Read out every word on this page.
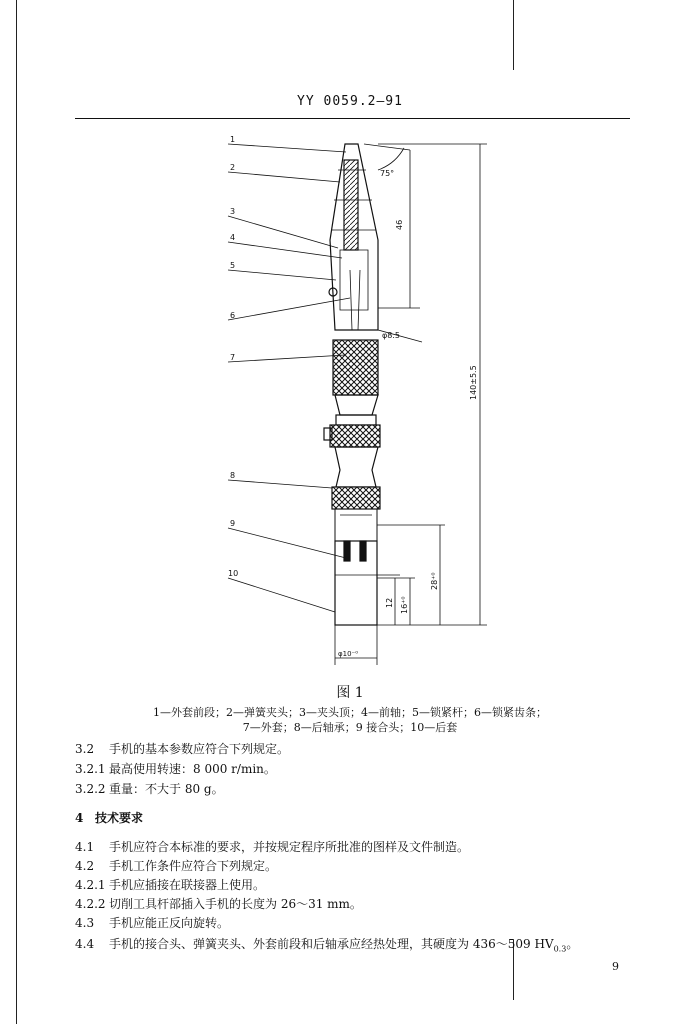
YY 0059.2—91
1
2
3
4
5
6
7
8
9
10
75°
46
φ8.5
140±5.5
12 16⁺⁰
28⁺⁰
φ10⁻⁰
图 1
1—外套前段；2—弹簧夹头；3—夹头顶；4—前轴；5—锁紧杆；6—锁紧齿条；
7—外套；8—后轴承；9 接合头；10—后套
3.2 手机的基本参数应符合下列规定。
3.2.1 最高使用转速：8 000 r/min。
3.2.2 重量：不大于 80 g。
4 技术要求
4.1 手机应符合本标准的要求，并按规定程序所批准的图样及文件制造。
4.2 手机工作条件应符合下列规定。
4.2.1 手机应插接在联接器上使用。
4.2.2 切削工具杆部插入手机的长度为 26～31 mm。
4.3 手机应能正反向旋转。
4.4 手机的接合头、弹簧夹头、外套前段和后轴承应经热处理，其硬度为 436～509 $HV_{0.3}$。
9
